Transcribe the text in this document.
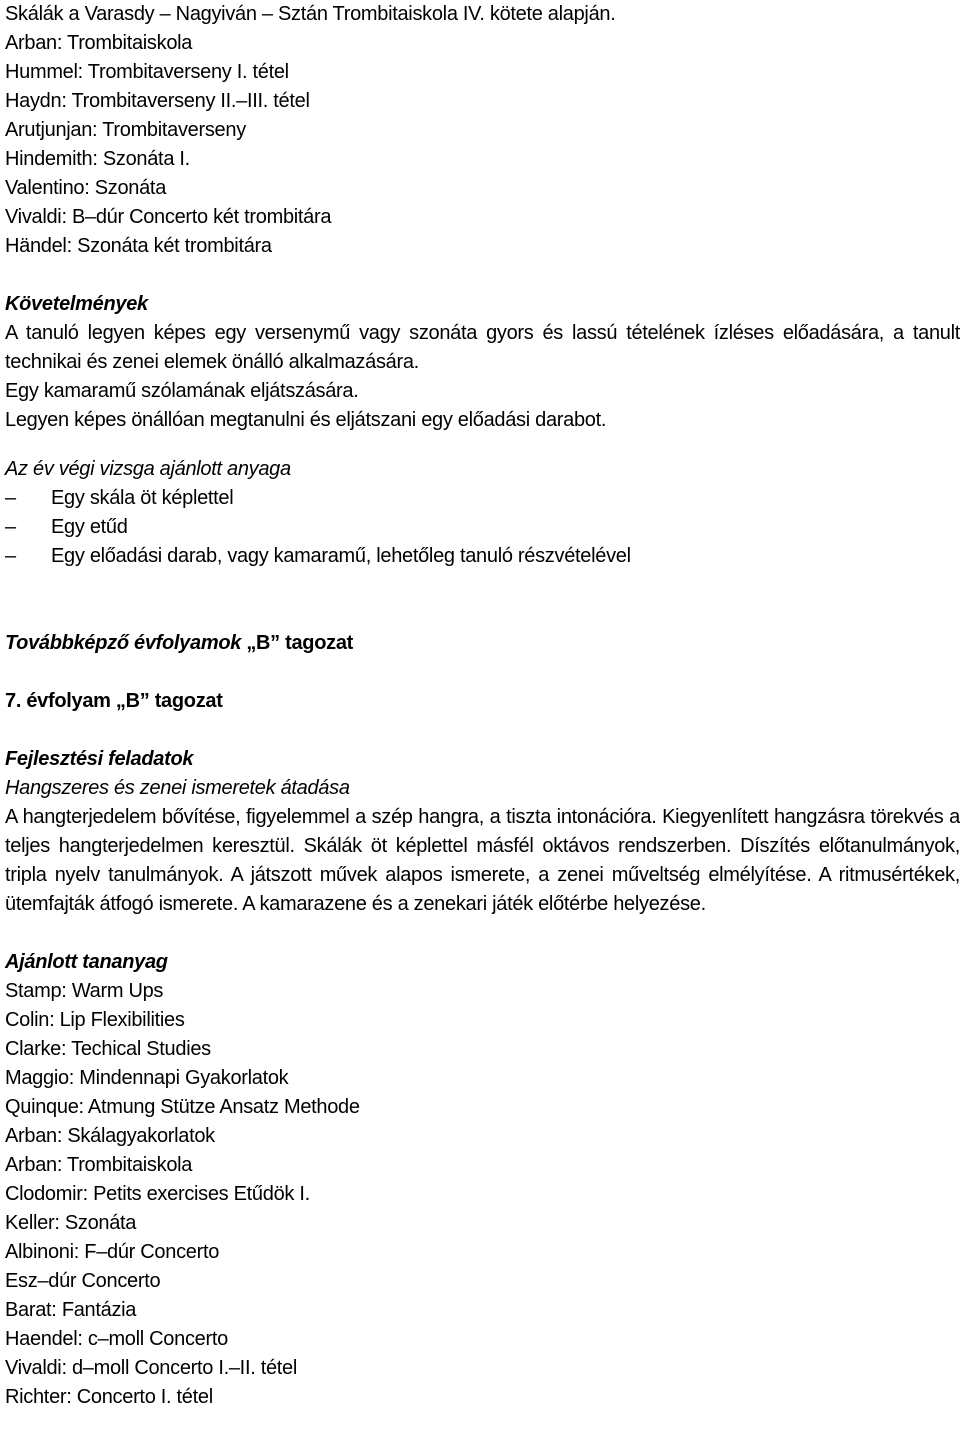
Skálák a Varasdy – Nagyiván – Sztán Trombitaiskola IV. kötete alapján.
Arban: Trombitaiskola
Hummel: Trombitaverseny I. tétel
Haydn: Trombitaverseny II.–III. tétel
Arutjunjan: Trombitaverseny
Hindemith: Szonáta I.
Valentino: Szonáta
Vivaldi: B–dúr Concerto két trombitára
Händel: Szonáta két trombitára
Követelmények
A tanuló legyen képes egy versenymű vagy szonáta gyors és lassú tételének ízléses előadására, a tanult technikai és zenei elemek önálló alkalmazására.
Egy kamaramű szólamának eljátszására.
Legyen képes önállóan megtanulni és eljátszani egy előadási darabot.
Az év végi vizsga ajánlott anyaga
– Egy skála öt képlettel
– Egy etűd
– Egy előadási darab, vagy kamaramű, lehetőleg tanuló részvételével
Továbbképző évfolyamok „B” tagozat
7. évfolyam „B” tagozat
Fejlesztési feladatok
Hangszeres és zenei ismeretek átadása
A hangterjedelem bővítése, figyelemmel a szép hangra, a tiszta intonációra. Kiegyenlített hangzásra törekvés a teljes hangterjedelmen keresztül. Skálák öt képlettel másfél oktávos rendszerben. Díszítés előtanulmányok, tripla nyelv tanulmányok. A játszott művek alapos ismerete, a zenei műveltség elmélyítése. A ritmusértékek, ütemfajták átfogó ismerete. A kamarazene és a zenekari játék előtérbe helyezése.
Ajánlott tananyag
Stamp: Warm Ups
Colin: Lip Flexibilities
Clarke: Techical Studies
Maggio: Mindennapi Gyakorlatok
Quinque: Atmung Stütze Ansatz Methode
Arban: Skálagyakorlatok
Arban: Trombitaiskola
Clodomir: Petits exercises Etűdök I.
Keller: Szonáta
Albinoni: F–dúr Concerto
Esz–dúr Concerto
Barat: Fantázia
Haendel: c–moll Concerto
Vivaldi: d–moll Concerto I.–II. tétel
Richter: Concerto I. tétel
